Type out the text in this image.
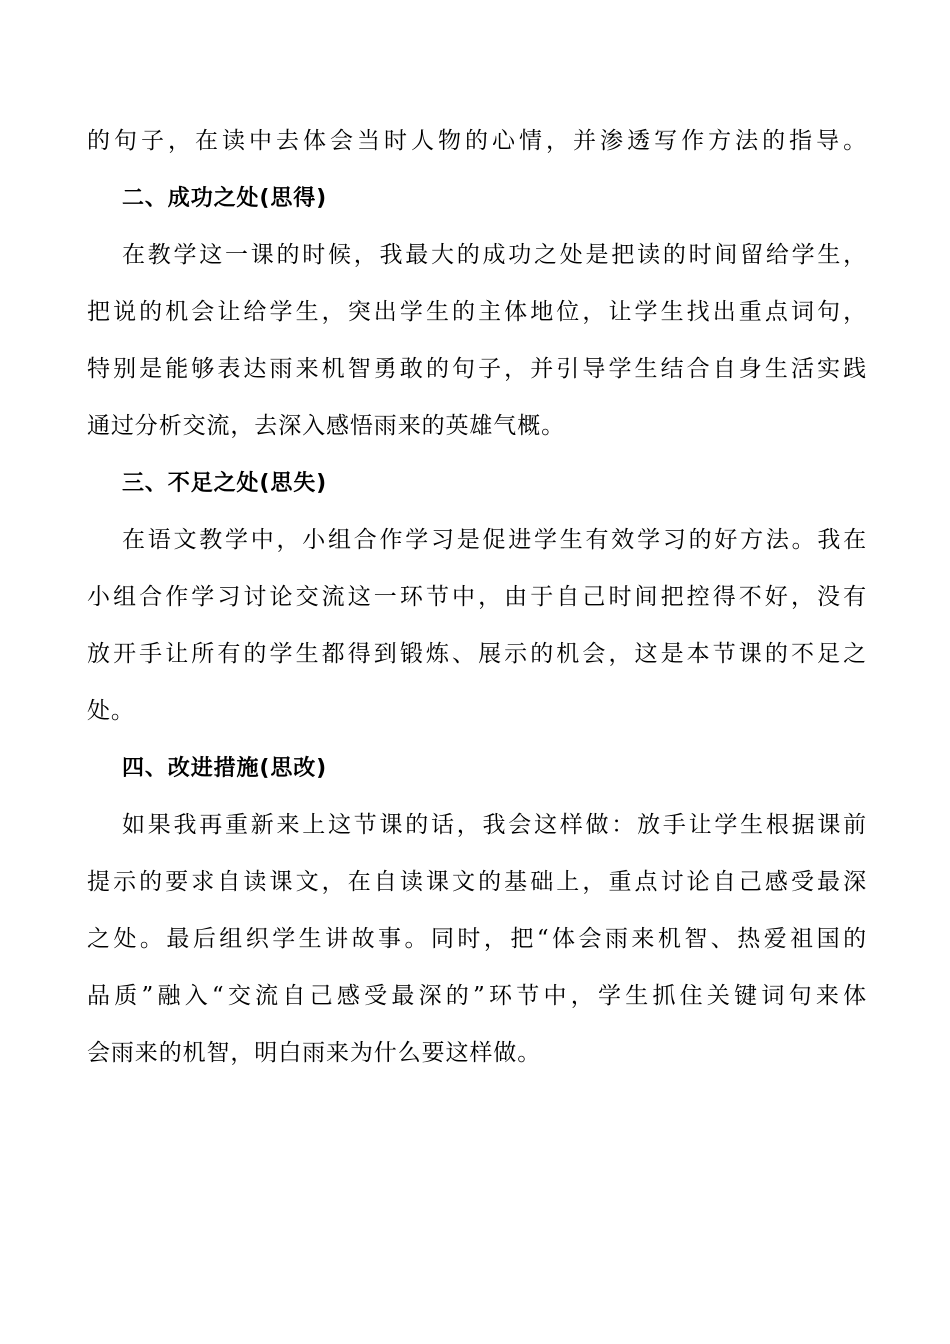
的句子，在读中去体会当时人物的心情，并渗透写作方法的指导。
二、成功之处(思得)
在教学这一课的时候，我最大的成功之处是把读的时间留给学生，
把说的机会让给学生，突出学生的主体地位，让学生找出重点词句，
特别是能够表达雨来机智勇敢的句子，并引导学生结合自身生活实践
通过分析交流，去深入感悟雨来的英雄气概。
三、不足之处(思失)
在语文教学中，小组合作学习是促进学生有效学习的好方法。我在
小组合作学习讨论交流这一环节中，由于自己时间把控得不好，没有
放开手让所有的学生都得到锻炼、展示的机会，这是本节课的不足之
处。
四、改进措施(思改)
如果我再重新来上这节课的话，我会这样做：放手让学生根据课前
提示的要求自读课文，在自读课文的基础上，重点讨论自己感受最深
之处。最后组织学生讲故事。同时，把“体会雨来机智、热爱祖国的
品质”融入“交流自己感受最深的”环节中，学生抓住关键词句来体
会雨来的机智，明白雨来为什么要这样做。
